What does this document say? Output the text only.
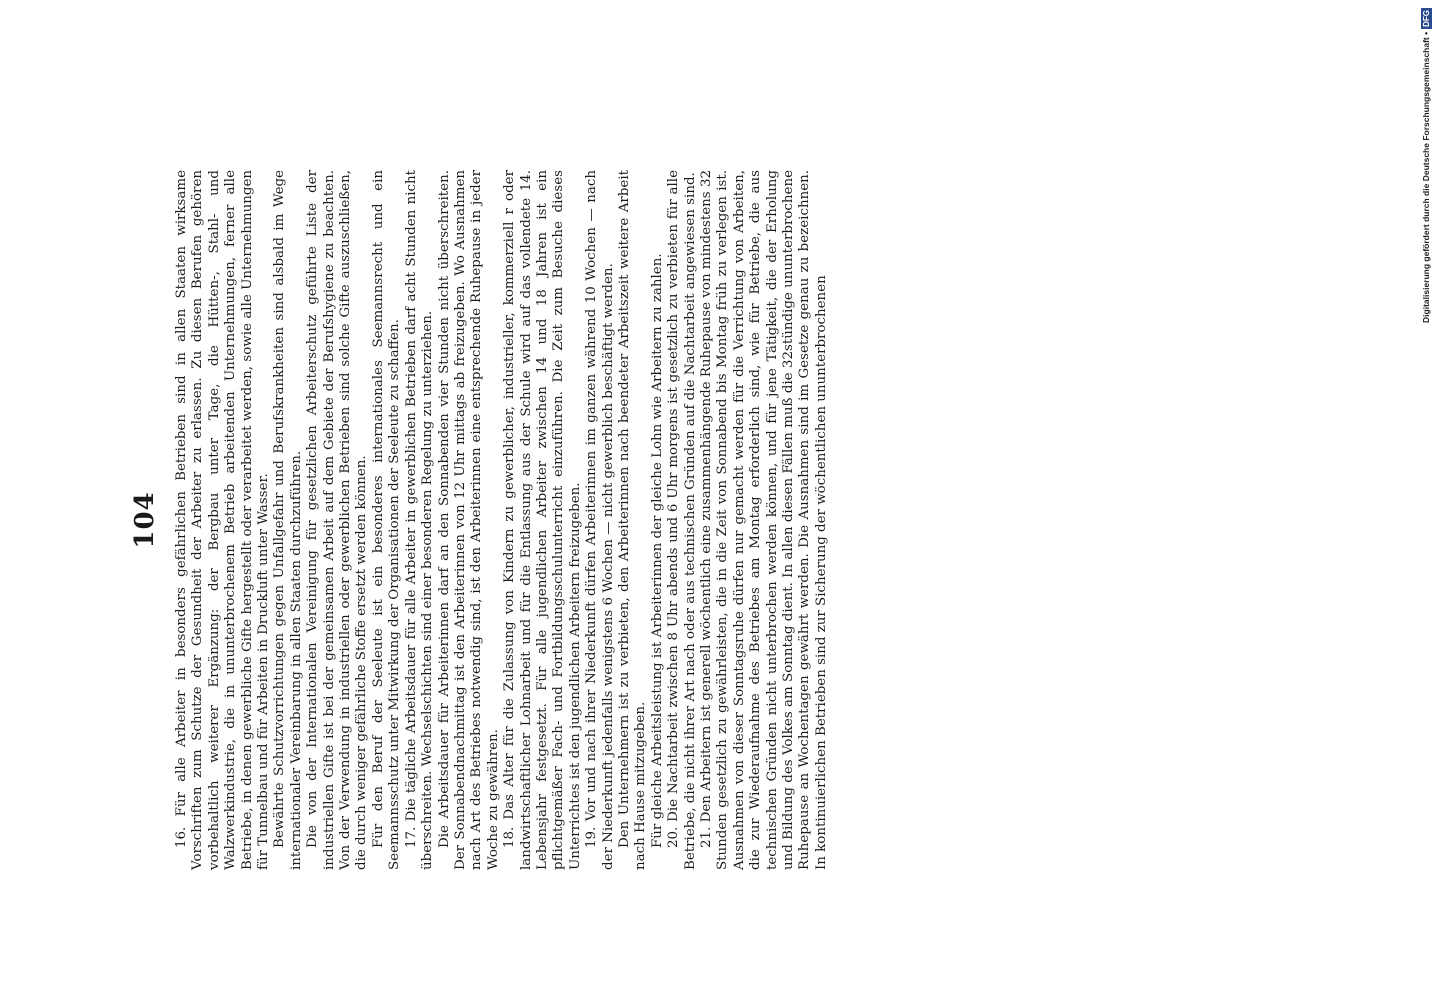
104 16. Für alle Arbeiter in besonders gefährlichen Betrieben sind in allen Staaten wirksame Vorschriften zum Schutze der Gesundheit der Arbeiter zu erlassen. Zu diesen Berufen gehören vorbehaltlich weiterer Ergänzung: der Bergbau unter Tage, die Hütten-, Stahl- und Walzwerkindustrie, die in ununterbrochenem Betrieb arbeitenden Unternehmungen, ferner alle Betriebe, in denen gewerbliche Gifte hergestellt oder verarbeitet werden, sowie alle Unternehmungen für Tunnelbau und für Arbeiten in Druckluft unter Wasser. Bewährte Schutzvorrichtungen gegen Unfallgefahr und Berufskrankheiten sind alsbald im Wege internationaler Vereinbarung in allen Staaten durchzuführen. Die von der Internationalen Vereinigung für gesetzlichen Arbeiterschutz geführte Liste der industriellen Gifte ist bei der gemeinsamen Arbeit auf dem Gebiete der Berufshygiene zu beachten. Von der Verwendung in industriellen oder gewerblichen Betrieben sind solche Gifte auszuschließen, die durch weniger gefährliche Stoffe ersetzt werden können. Für den Beruf der Seeleute ist ein besonderes internationales Seemannsrecht und ein Seemannsschutz unter Mitwirkung der Organisationen der Seeleute zu schaffen. 17. Die tägliche Arbeitsdauer für alle Arbeiter in gewerblichen Betrieben darf acht Stunden nicht überschreiten. Wechselschichten sind einer besonderen Regelung zu unterziehen. Die Arbeitsdauer für Arbeiterinnen darf an den Sonnabenden vier Stunden nicht überschreiten. Der Sonnabendnachmittag ist den Arbeiterinnen von 12 Uhr mittags ab freizugeben. Wo Ausnahmen nach Art des Betriebes notwendig sind, ist den Arbeiterinnen eine entsprechende Ruhepause in jeder Woche zu gewähren. 18. Das Alter für die Zulassung von Kindern zu gewerblicher, industrieller, kommerziell r oder landwirtschaftlicher Lohnarbeit und für die Entlassung aus der Schule wird auf das vollendete 14. Lebensjahr festgesetzt. Für alle jugendlichen Arbeiter zwischen 14 und 18 Jahren ist ein pflichtgemäßer Fach- und Fortbildungsschulunterricht einzuführen. Die Zeit zum Besuche dieses Unterrichtes ist den jugendlichen Arbeitern freizugeben. 19. Vor und nach ihrer Niederkunft dürfen Arbeiterinnen im ganzen während 10 Wochen — nach der Niederkunft jedenfalls wenigstens 6 Wochen — nicht gewerblich beschäftigt werden. Den Unternehmern ist zu verbieten, den Arbeiterinnen nach beendeter Arbeitszeit weitere Arbeit nach Hause mitzugeben. Für gleiche Arbeitsleistung ist Arbeiterinnen der gleiche Lohn wie Arbeitern zu zahlen. 20. Die Nachtarbeit zwischen 8 Uhr abends und 6 Uhr morgens ist gesetzlich zu verbieten für alle Betriebe, die nicht ihrer Art nach oder aus technischen Gründen auf die Nachtarbeit angewiesen sind. 21. Den Arbeitern ist generell wöchentlich eine zusammenhängende Ruhepause von mindestens 32 Stunden gesetzlich zu gewährleisten, die in die Zeit von Sonnabend bis Montag früh zu verlegen ist. Ausnahmen von dieser Sonntagsruhe dürfen nur gemacht werden für die Verrichtung von Arbeiten, die zur Wiederaufnahme des Betriebes am Montag erforderlich sind, wie für Betriebe, die aus technischen Gründen nicht unterbrochen werden können, und für jene Tätigkeit, die der Erholung und Bildung des Volkes am Sonntag dient. In allen diesen Fällen muß die 32stündige ununterbrochene Ruhepause an Wochentagen gewährt werden. Die Ausnahmen sind im Gesetze genau zu bezeichnen. In kontinuierlichen Betrieben sind zur Sicherung der wöchentlichen ununterbrochenen

Digitalisierung gefördert durch die Deutsche Forschungsgemeinschaft •
DFG
